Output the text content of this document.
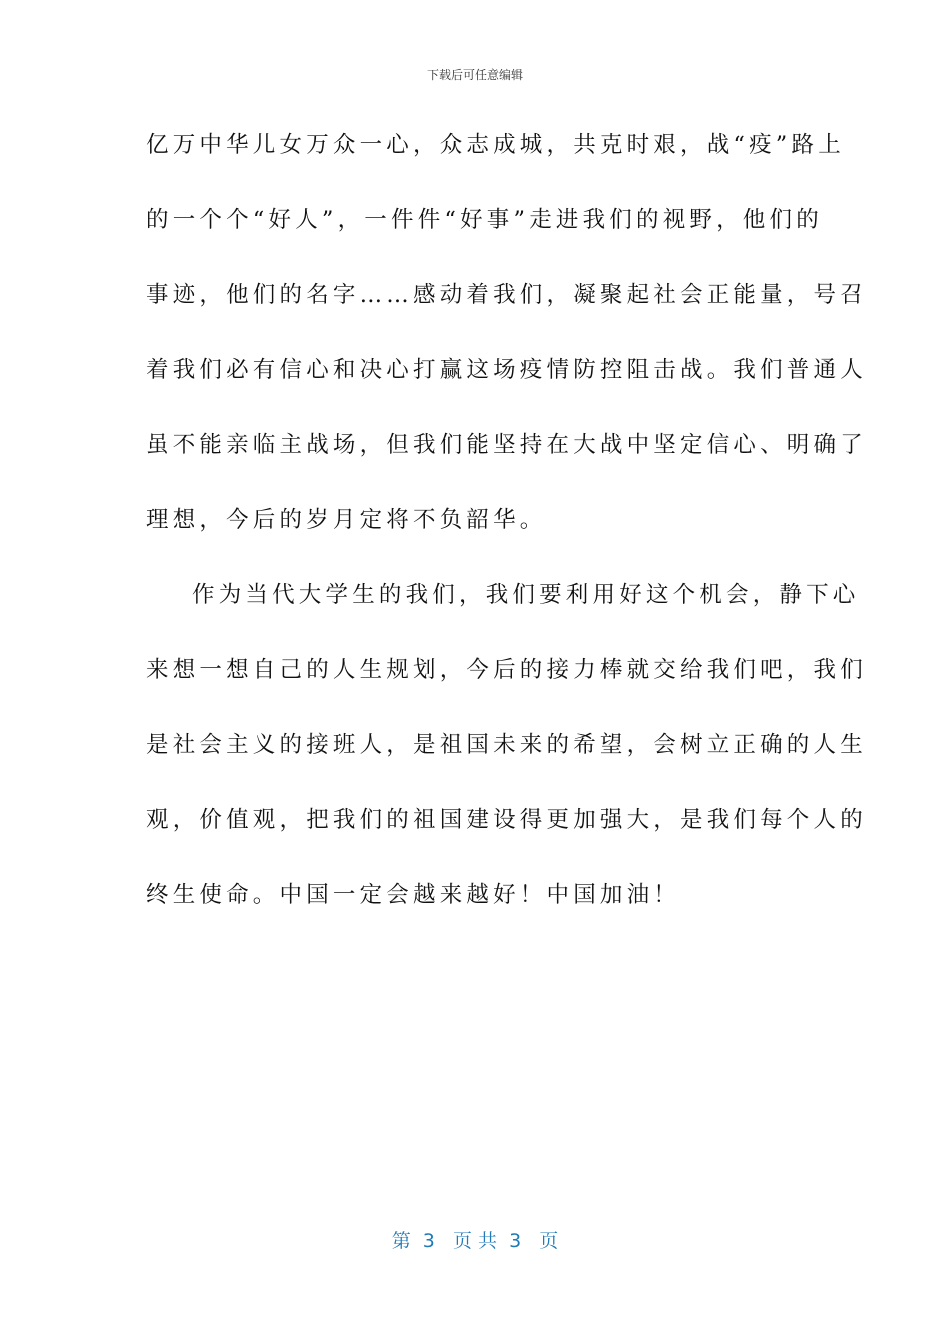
下载后可任意编辑
亿万中华儿女万众一心，众志成城，共克时艰，战“疫”路上
的一个个“好人”，一件件“好事”走进我们的视野，他们的
事迹，他们的名字……感动着我们，凝聚起社会正能量，号召
着我们必有信心和决心打赢这场疫情防控阻击战。我们普通人
虽不能亲临主战场，但我们能坚持在大战中坚定信心、明确了
理想，今后的岁月定将不负韶华。
作为当代大学生的我们，我们要利用好这个机会，静下心
来想一想自己的人生规划，今后的接力棒就交给我们吧，我们
是社会主义的接班人，是祖国未来的希望，会树立正确的人生
观，价值观，把我们的祖国建设得更加强大，是我们每个人的
终生使命。中国一定会越来越好！中国加油！
第  3   页 共  3   页
